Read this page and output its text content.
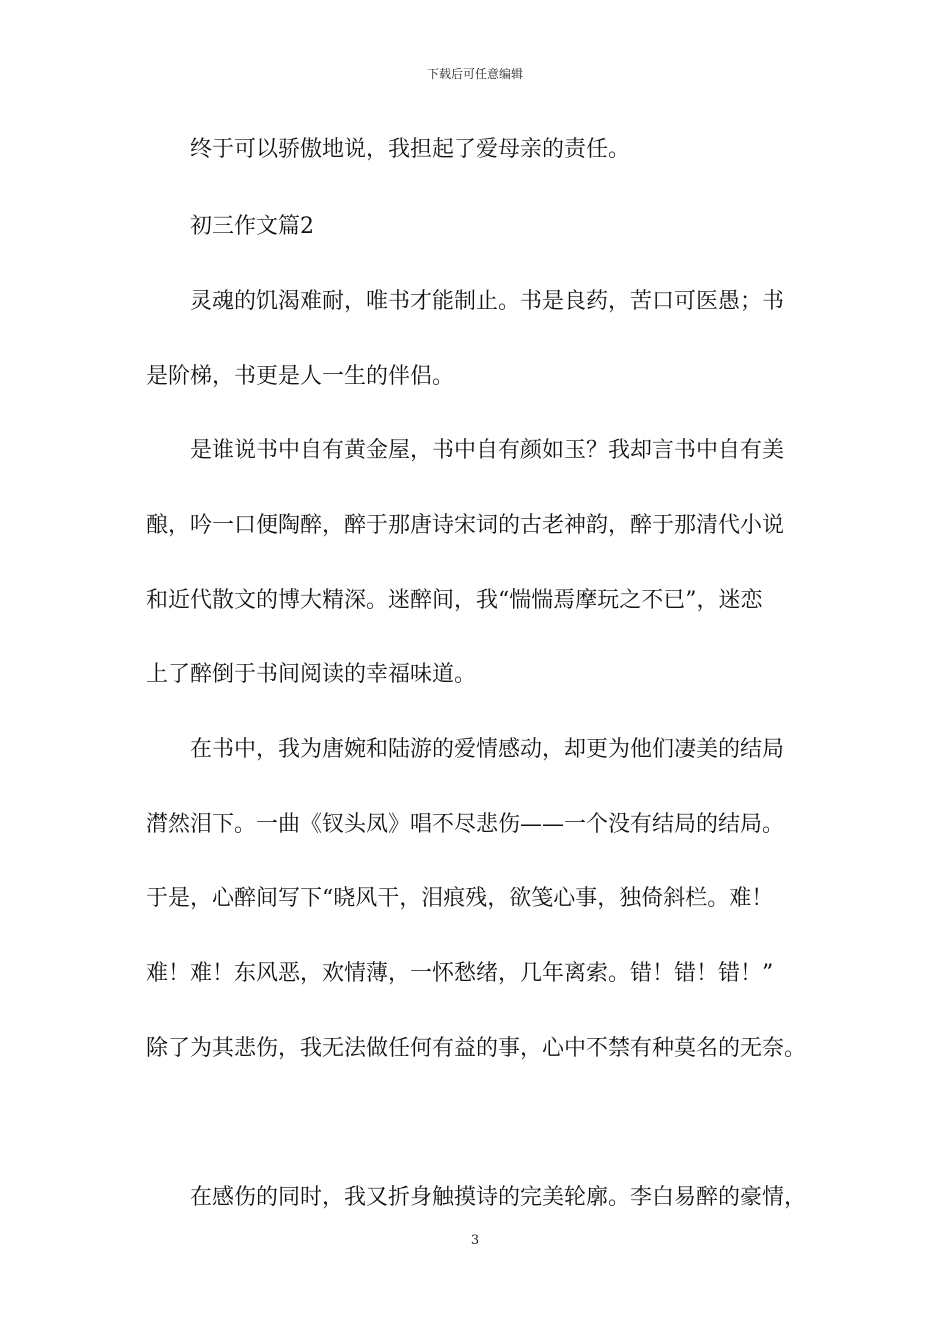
下载后可任意编辑
终于可以骄傲地说，我担起了爱母亲的责任。
初三作文篇2
灵魂的饥渴难耐，唯书才能制止。书是良药，苦口可医愚；书
是阶梯，书更是人一生的伴侣。
是谁说书中自有黄金屋，书中自有颜如玉？我却言书中自有美
酿，吟一口便陶醉，醉于那唐诗宋词的古老神韵，醉于那清代小说
和近代散文的博大精深。迷醉间，我“惴惴焉摩玩之不已”，迷恋
上了醉倒于书间阅读的幸福味道。
在书中，我为唐婉和陆游的爱情感动，却更为他们凄美的结局
潸然泪下。一曲《钗头凤》唱不尽悲伤——一个没有结局的结局。
于是，心醉间写下“晓风干，泪痕残，欲笺心事，独倚斜栏。难！
难！难！东风恶，欢情薄，一怀愁绪，几年离索。错！错！错！”
除了为其悲伤，我无法做任何有益的事，心中不禁有种莫名的无奈。
在感伤的同时，我又折身触摸诗的完美轮廓。李白易醉的豪情，
3
